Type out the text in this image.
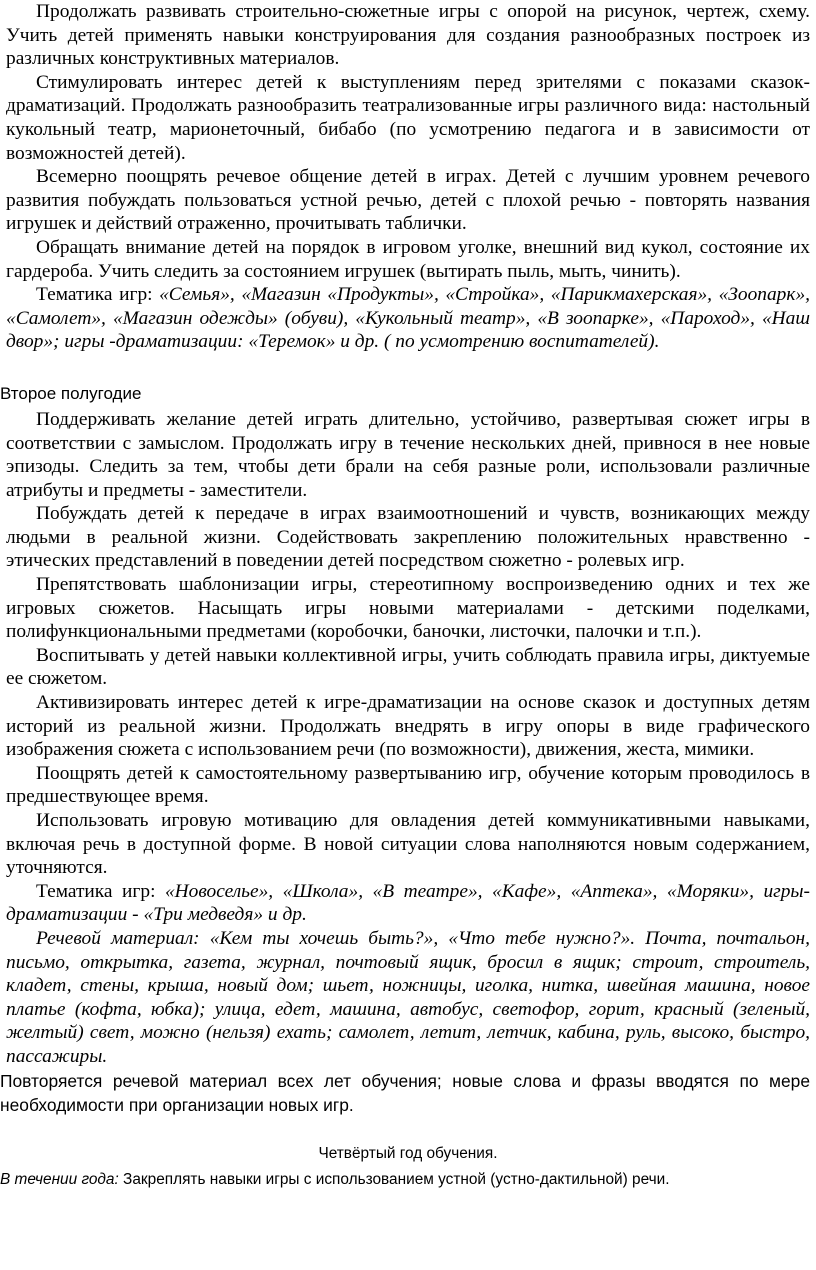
Продолжать развивать строительно-сюжетные игры с опорой на рисунок, чертеж, схему. Учить детей применять навыки конструирования для создания разнообразных построек из различных конструктивных материалов.

Стимулировать интерес детей к выступлениям перед зрителями с показами сказок-драматизаций. Продолжать разнообразить театрализованные игры различного вида: настольный кукольный театр, марионеточный, бибабо (по усмотрению педагога и в зависимости от возможностей детей).

Всемерно поощрять речевое общение детей в играх. Детей с лучшим уровнем речевого развития побуждать пользоваться устной речью, детей с плохой речью - повторять названия игрушек и действий отраженно, прочитывать таблички.

Обращать внимание детей на порядок в игровом уголке, внешний вид кукол, состояние их гардероба. Учить следить за состоянием игрушек (вытирать пыль, мыть, чинить).

Тематика игр: «Семья», «Магазин «Продукты», «Стройка», «Парикмахерская», «Зоопарк», «Самолет», «Магазин одежды» (обуви), «Кукольный театр», «В зоопарке», «Пароход», «Наш двор»; игры -драматизации: «Теремок» и др. ( по усмотрению воспитателей).

Второе полугодие

Поддерживать желание детей играть длительно, устойчиво, развертывая сюжет игры в соответствии с замыслом. Продолжать игру в течение нескольких дней, привнося в нее новые эпизоды. Следить за тем, чтобы дети брали на себя разные роли, использовали различные атрибуты и предметы - заместители.

Побуждать детей к передаче в играх взаимоотношений и чувств, возникающих между людьми в реальной жизни. Содействовать закреплению положительных нравственно - этических представлений в поведении детей посредством сюжетно - ролевых игр.

Препятствовать шаблонизации игры, стереотипному воспроизведению одних и тех же игровых сюжетов. Насыщать игры новыми материалами - детскими поделками, полифункциональными предметами (коробочки, баночки, листочки, палочки и т.п.).

Воспитывать у детей навыки коллективной игры, учить соблюдать правила игры, диктуемые ее сюжетом.

Активизировать интерес детей к игре-драматизации на основе сказок и доступных детям историй из реальной жизни. Продолжать внедрять в игру опоры в виде графического изображения сюжета с использованием речи (по возможности), движения, жеста, мимики.

Поощрять детей к самостоятельному развертыванию игр, обучение которым проводилось в предшествующее время.

Использовать игровую мотивацию для овладения детей коммуникативными навыками, включая речь в доступной форме. В новой ситуации слова наполняются новым содержанием, уточняются.

Тематика игр: «Новоселье», «Школа», «В театре», «Кафе», «Аптека», «Моряки», игры-драматизации - «Три медведя» и др.

Речевой материал: «Кем ты хочешь быть?», «Что тебе нужно?». Почта, почтальон, письмо, открытка, газета, журнал, почтовый ящик, бросил в ящик; строит, строитель, кладет, стены, крыша, новый дом; шьет, ножницы, иголка, нитка, швейная машина, новое платье (кофта, юбка); улица, едет, машина, автобус, светофор, горит, красный (зеленый, желтый) свет, можно (нельзя) ехать; самолет, летит, летчик, кабина, руль, высоко, быстро, пассажиры.

Повторяется речевой материал всех лет обучения; новые слова и фразы вводятся по мере необходимости при организации новых игр.

Четвёртый год обучения.

В течении года: Закреплять навыки игры с использованием устной (устно-дактильной) речи.
